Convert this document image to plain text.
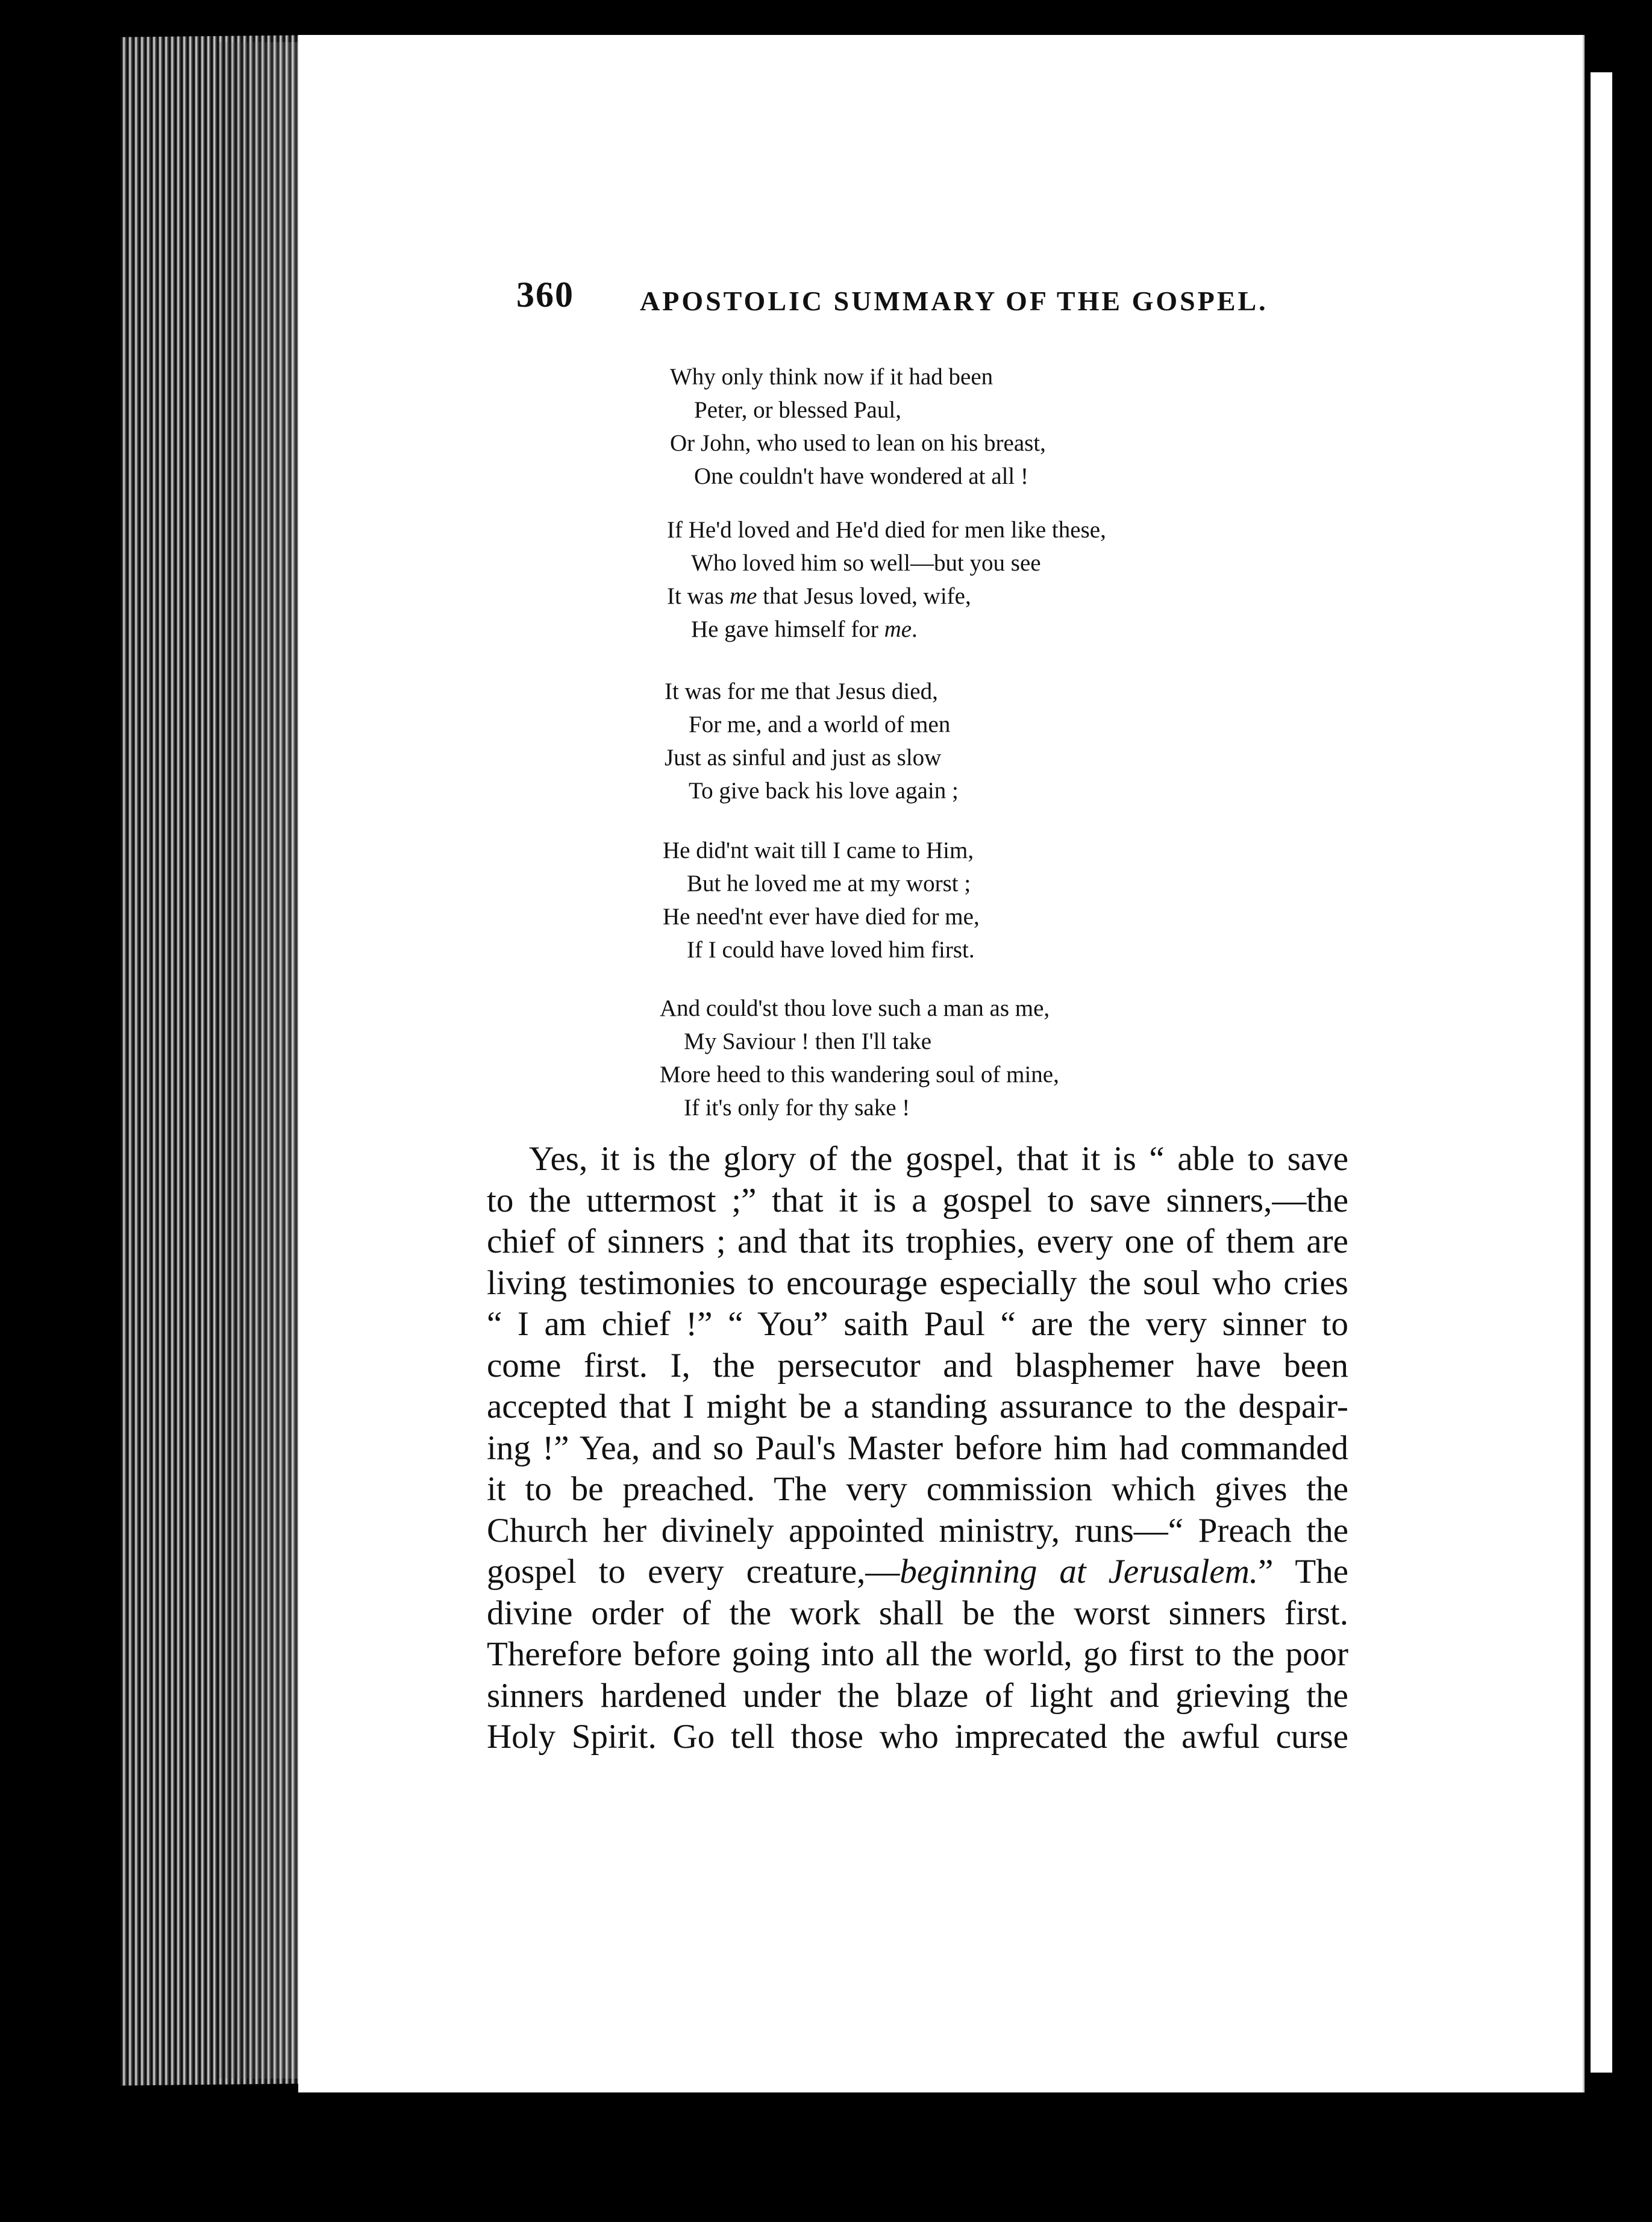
360 APOSTOLIC SUMMARY OF THE GOSPEL.
Why only think now if it had been
Peter, or blessed Paul,
Or John, who used to lean on his breast,
One couldn't have wondered at all !
If He'd loved and He'd died for men like these,
Who loved him so well—but you see
It was me that Jesus loved, wife,
He gave himself for me.
It was for me that Jesus died,
For me, and a world of men
Just as sinful and just as slow
To give back his love again ;
He did'nt wait till I came to Him,
But he loved me at my worst ;
He need'nt ever have died for me,
If I could have loved him first.
And could'st thou love such a man as me,
My Saviour ! then I'll take
More heed to this wandering soul of mine,
If it's only for thy sake !
Yes, it is the glory of the gospel, that it is “ able to save
to the uttermost ;” that it is a gospel to save sinners,—the
chief of sinners ; and that its trophies, every one of them are
living testimonies to encourage especially the soul who cries
“ I am chief !” “ You” saith Paul “ are the very sinner to
come first. I, the persecutor and blasphemer have been
accepted that I might be a standing assurance to the despair-
ing !” Yea, and so Paul's Master before him had commanded
it to be preached. The very commission which gives the
Church her divinely appointed ministry, runs—“ Preach the
gospel to every creature,—beginning at Jerusalem.” The
divine order of the work shall be the worst sinners first.
Therefore before going into all the world, go first to the poor
sinners hardened under the blaze of light and grieving the
Holy Spirit. Go tell those who imprecated the awful curse
